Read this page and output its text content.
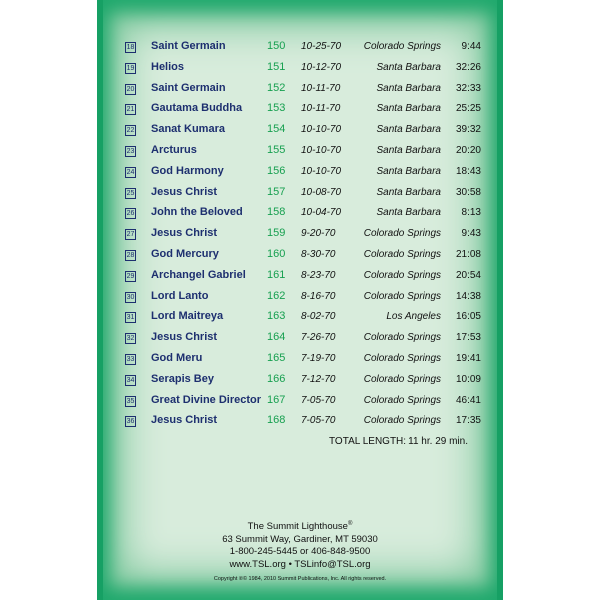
18 Saint Germain	150 10-25-70 Colorado Springs 9:44
19 Helios	151 10-12-70	Santa Barbara 32:26
20 Saint Germain	152 10-11-70	Santa Barbara 32:33
21 Gautama Buddha 153 10-11-70	Santa Barbara 25:25
22 Sanat Kumara	154 10-10-70	Santa Barbara 39:32
23 Arcturus	155 10-10-70	Santa Barbara 20:20
24 God Harmony	156 10-10-70	Santa Barbara 18:43
25 Jesus Christ	157 10-08-70	Santa Barbara 30:58
26 John the Beloved 158 10-04-70	Santa Barbara 8:13
27 Jesus Christ	159 9-20-70	Colorado Springs 9:43
28 God Mercury	160 8-30-70	Colorado Springs 21:08
29 Archangel Gabriel 161 8-23-70	Colorado Springs 20:54
30 Lord Lanto	162 8-16-70	Colorado Springs 14:38
31 Lord Maitreya	163 8-02-70	Los Angeles 16:05
32 Jesus Christ	164 7-26-70	Colorado Springs 17:53
33 God Meru	165 7-19-70	Colorado Springs 19:41
34 Serapis Bey	166 7-12-70	Colorado Springs 10:09
35 Great Divine Director 167 7-05-70	Colorado Springs 46:41
36 Jesus Christ	168 7-05-70	Colorado Springs 17:35
TOTAL LENGTH: 11 hr. 29 min.
The Summit Lighthouse®
63 Summit Way, Gardiner, MT 59030
1-800-245-5445 or 406-848-9500
www.TSL.org • TSLinfo@TSL.org
Copyright ℗© 1984, 2010 Summit Publications, Inc. All rights reserved.
